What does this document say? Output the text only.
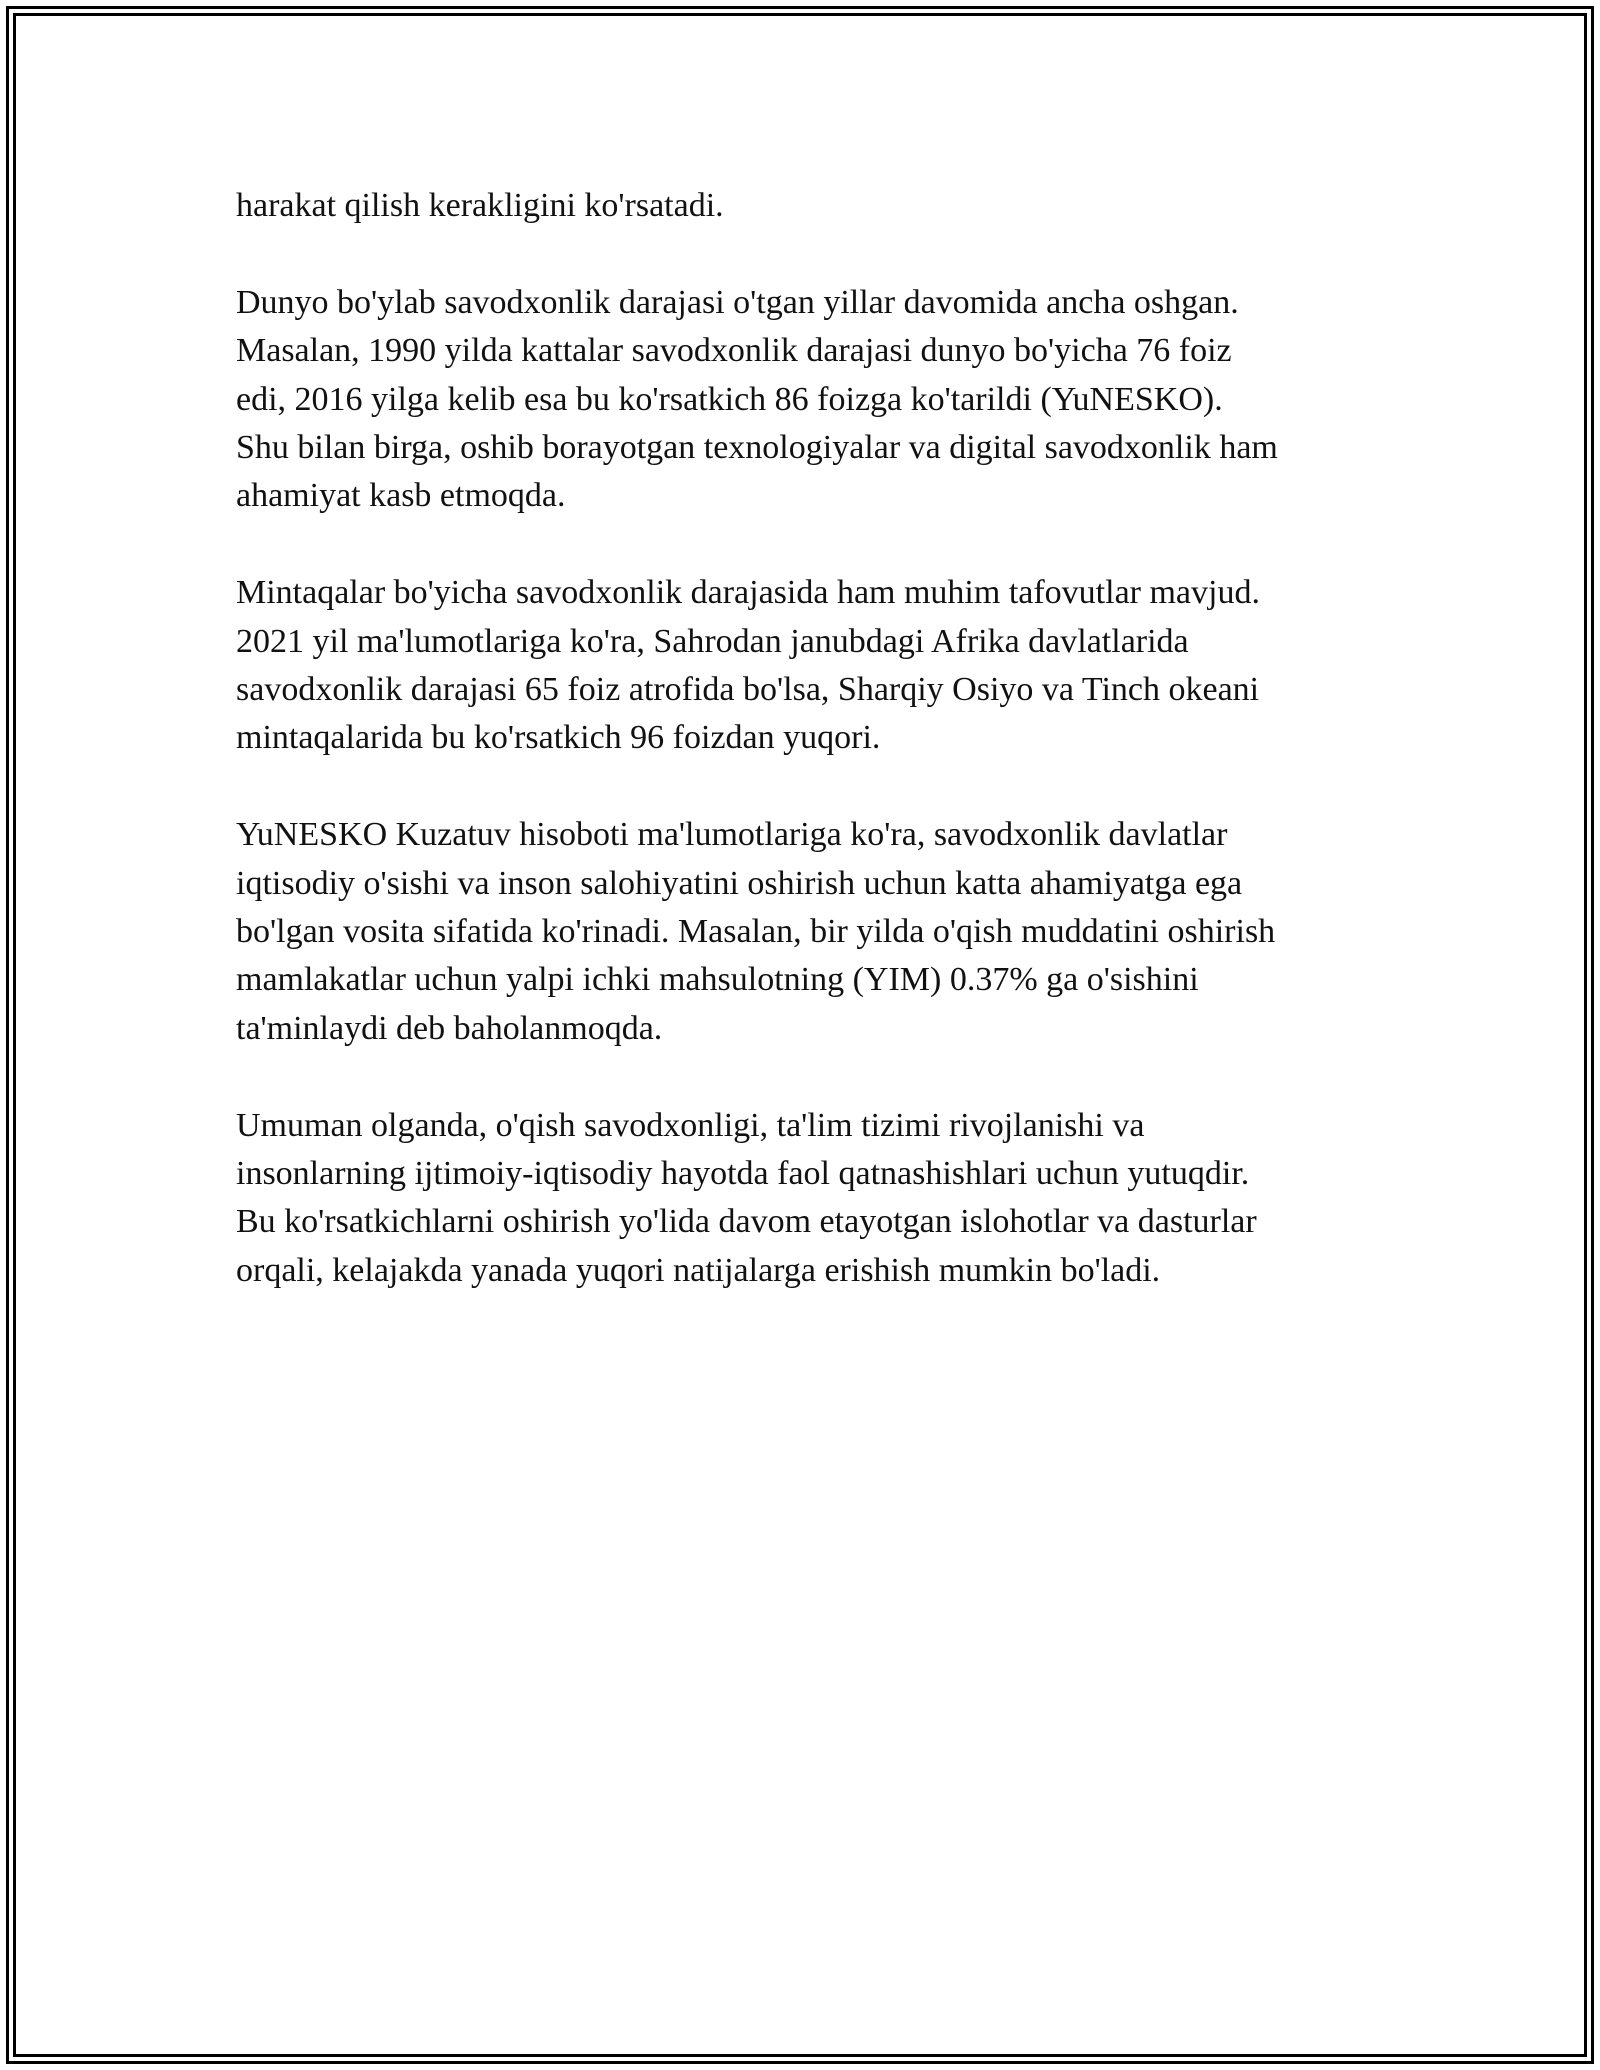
harakat qilish kerakligini ko'rsatadi.

Dunyo bo'ylab savodxonlik darajasi o'tgan yillar davomida ancha oshgan.
Masalan, 1990 yilda kattalar savodxonlik darajasi dunyo bo'yicha 76 foiz
edi, 2016 yilga kelib esa bu ko'rsatkich 86 foizga ko'tarildi (YuNESKO).
Shu bilan birga, oshib borayotgan texnologiyalar va digital savodxonlik ham
ahamiyat kasb etmoqda.

Mintaqalar bo'yicha savodxonlik darajasida ham muhim tafovutlar mavjud.
2021 yil ma'lumotlariga ko'ra, Sahrodan janubdagi Afrika davlatlarida
savodxonlik darajasi 65 foiz atrofida bo'lsa, Sharqiy Osiyo va Tinch okeani
mintaqalarida bu ko'rsatkich 96 foizdan yuqori.

YuNESKO Kuzatuv hisoboti ma'lumotlariga ko'ra, savodxonlik davlatlar
iqtisodiy o'sishi va inson salohiyatini oshirish uchun katta ahamiyatga ega
bo'lgan vosita sifatida ko'rinadi. Masalan, bir yilda o'qish muddatini oshirish
mamlakatlar uchun yalpi ichki mahsulotning (YIM) 0.37% ga o'sishini
ta'minlaydi deb baholanmoqda.

Umuman olganda, o'qish savodxonligi, ta'lim tizimi rivojlanishi va
insonlarning ijtimoiy-iqtisodiy hayotda faol qatnashishlari uchun yutuqdir.
Bu ko'rsatkichlarni oshirish yo'lida davom etayotgan islohotlar va dasturlar
orqali, kelajakda yanada yuqori natijalarga erishish mumkin bo'ladi.
